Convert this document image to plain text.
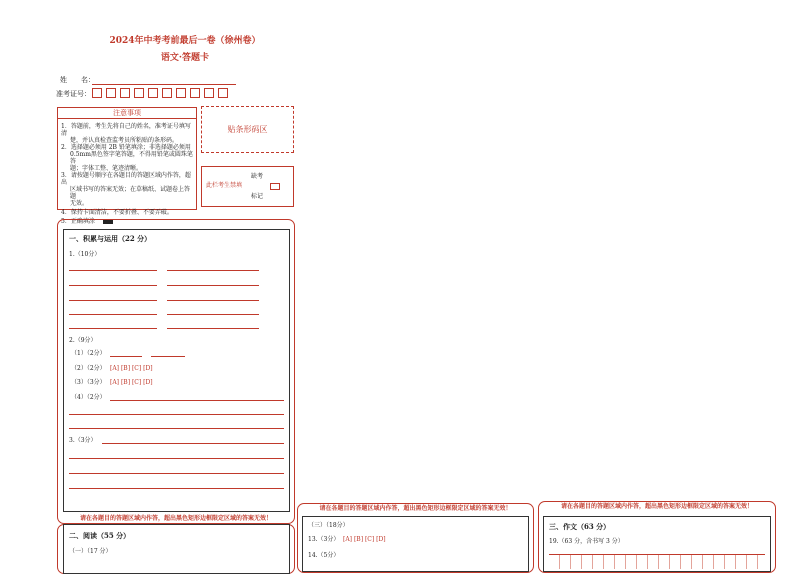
2024年中考考前最后一卷（徐州卷）
语文·答题卡
姓　　名：
准考证号：
注意事项
1．答题前，考生先将自己的姓名，准考证号填写清
楚，并认真检查监考员所粘贴的条形码。
2．选择题必须用 2B 铅笔填涂；非选择题必须用
0.5mm黑色签字笔答题，不得用铅笔或圆珠笔答
题；字体工整、笔迹清晰。
3．请按题号顺序在各题目的答题区域内作答，超出
区域书写的答案无效；在草稿纸、试题卷上答题
无效。
4．保持卡面清洁，不要折叠、不要弄破。
5．正确填涂
贴条形码区
缺考
此栏考生禁填
标记
一、积累与运用（22 分）
1.（10分）
2.（9分）
（1）（2分）
（2）（2分） [A] [B] [C] [D]
（3）（3分） [A] [B] [C] [D]
（4）（2分）
3.（3分）
请在各题目的答题区域内作答，超出黑色矩形边框限定区域的答案无效！
二、阅读（55 分）
（一）（17 分）
请在各题目的答题区域内作答，超出黑色矩形边框限定区域的答案无效！
（三）（18分）
13.（3分） [A] [B] [C] [D]
14.（5分）
请在各题目的答题区域内作答，超出黑色矩形边框限定区域的答案无效！
三、作文（63 分）
19.（63 分，含书写 3 分）
